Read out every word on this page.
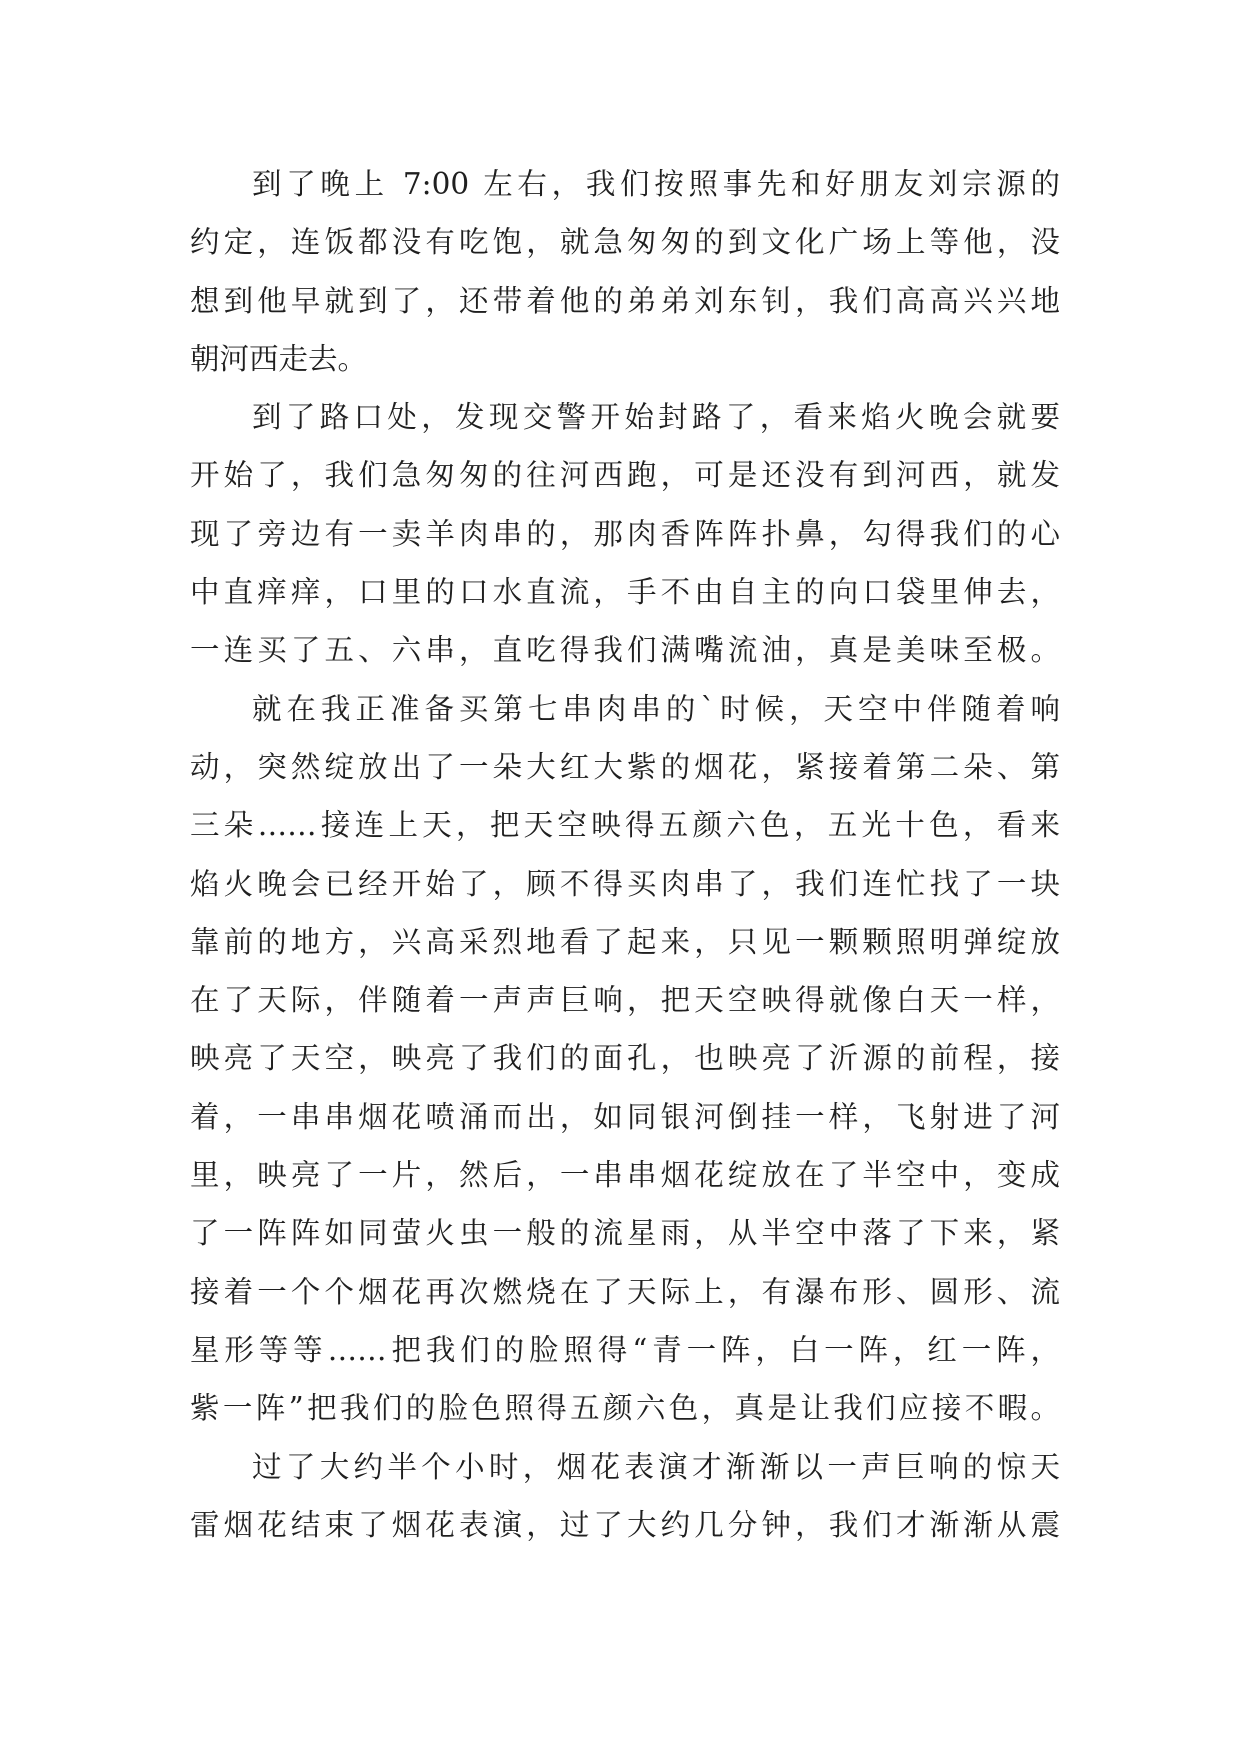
到了晚上 7:00 左右，我们按照事先和好朋友刘宗源的
约定，连饭都没有吃饱，就急匆匆的到文化广场上等他，没
想到他早就到了，还带着他的弟弟刘东钊，我们高高兴兴地
朝河西走去。
到了路口处，发现交警开始封路了，看来焰火晚会就要
开始了，我们急匆匆的往河西跑，可是还没有到河西，就发
现了旁边有一卖羊肉串的，那肉香阵阵扑鼻，勾得我们的心
中直痒痒，口里的口水直流，手不由自主的向口袋里伸去，
一连买了五、六串，直吃得我们满嘴流油，真是美味至极。
就在我正准备买第七串肉串的`时候，天空中伴随着响
动，突然绽放出了一朵大红大紫的烟花，紧接着第二朵、第
三朵……接连上天，把天空映得五颜六色，五光十色，看来
焰火晚会已经开始了，顾不得买肉串了，我们连忙找了一块
靠前的地方，兴高采烈地看了起来，只见一颗颗照明弹绽放
在了天际，伴随着一声声巨响，把天空映得就像白天一样，
映亮了天空，映亮了我们的面孔，也映亮了沂源的前程，接
着，一串串烟花喷涌而出，如同银河倒挂一样，飞射进了河
里，映亮了一片，然后，一串串烟花绽放在了半空中，变成
了一阵阵如同萤火虫一般的流星雨，从半空中落了下来，紧
接着一个个烟花再次燃烧在了天际上，有瀑布形、圆形、流
星形等等……把我们的脸照得“青一阵，白一阵，红一阵，
紫一阵”把我们的脸色照得五颜六色，真是让我们应接不暇。
过了大约半个小时，烟花表演才渐渐以一声巨响的惊天
雷烟花结束了烟花表演，过了大约几分钟，我们才渐渐从震
